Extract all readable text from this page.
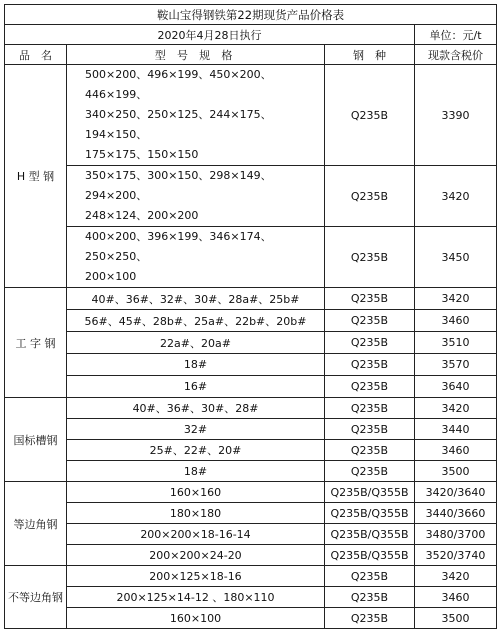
鞍山宝得钢铁第22期现货产品价格表			
2020年4月28日执行			单位：元/t
品　名	型 号 规 格	钢　种	现款含税价
H 型 钢	500×200、496×199、450×200、446×199、
340×250、250×125、244×175、194×150、
175×175、150×150	Q235B	3390

	350×175、300×150、298×149、294×200、
248×124、200×200	Q235B	3420

	400×200、396×199、346×174、250×250、
200×100	Q235B	3450
工 字 钢	40#、36#、32#、30#、28a#、25b#	Q235B	3420
	56#、45#、28b#、25a#、22b#、20b#	Q235B	3460
	22a#、20a#	Q235B	3510
	18#	Q235B	3570
	16#	Q235B	3640
国标槽钢	40#、36#、30#、28#	Q235B	3420
	32#	Q235B	3440
	25#、22#、20#	Q235B	3460
	18#	Q235B	3500
等边角钢	160×160	Q235B/Q355B	3420/3640
	180×180	Q235B/Q355B	3440/3660
	200×200×18-16-14	Q235B/Q355B	3480/3700
	200×200×24-20	Q235B/Q355B	3520/3740
不等边角钢	200×125×18-16	Q235B	3420
	200×125×14-12 、180×110	Q235B	3460
	160×100	Q235B	3500
